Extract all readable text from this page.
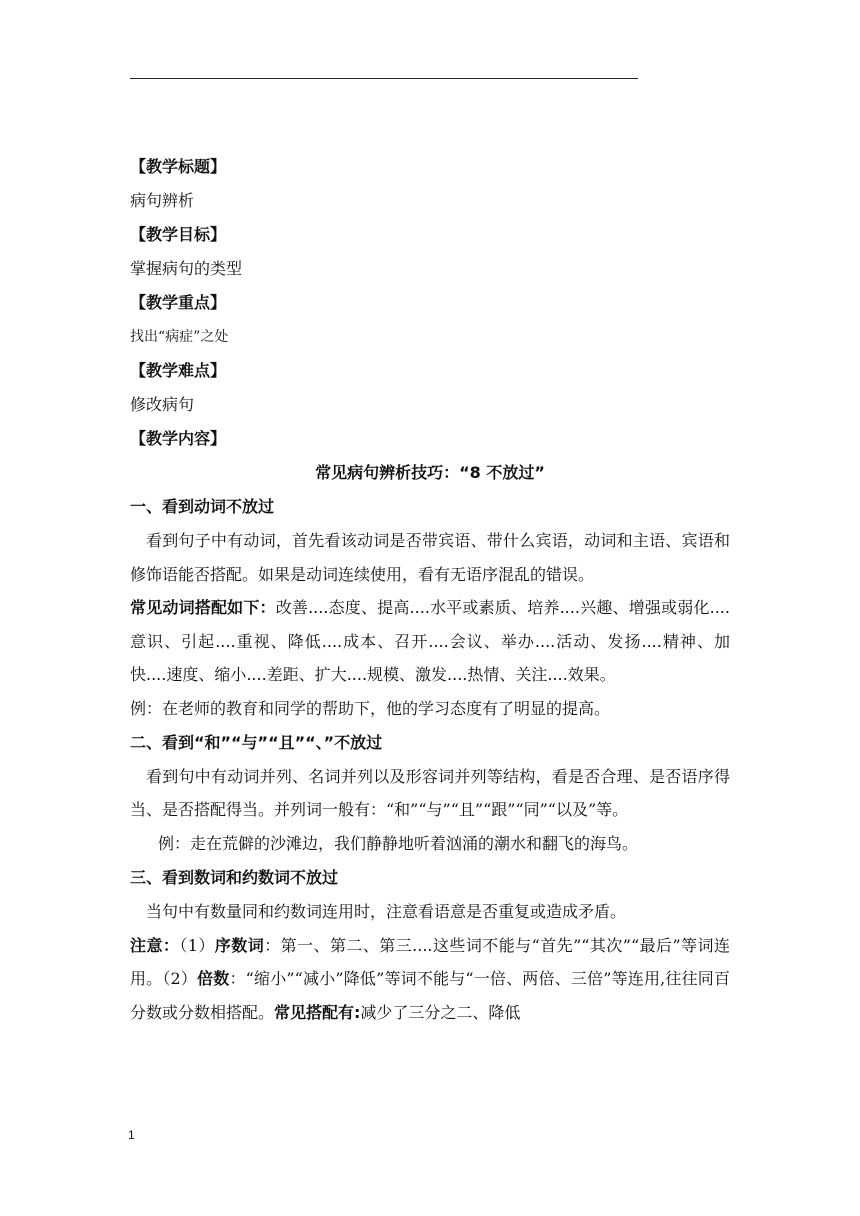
【教学标题】
病句辨析
【教学目标】
掌握病句的类型
【教学重点】
找出“病症”之处
【教学难点】
修改病句
【教学内容】
常见病句辨析技巧：“8 不放过”
一、看到动词不放过

看到句子中有动词，首先看该动词是否带宾语、带什么宾语，动词和主语、宾语和修饰语能否搭配。如果是动词连续使用，看有无语序混乱的错误。

常见动词搭配如下：改善....态度、提高....水平或素质、培养....兴趣、增强或弱化....意识、引起....重视、降低....成本、召开....会议、举办....活动、发扬....精神、加快....速度、缩小....差距、扩大....规模、激发....热情、关注....效果。

例：在老师的教育和同学的帮助下，他的学习态度有了明显的提高。
二、看到“和”“与”“且”“、”不放过

看到句中有动词并列、名词并列以及形容词并列等结构，看是否合理、是否语序得当、是否搭配得当。并列词一般有：“和”“与”“且”“跟”“同”“以及”等。

例：走在荒僻的沙滩边，我们静静地听着汹涌的潮水和翻飞的海鸟。
三、看到数词和约数词不放过
当句中有数量同和约数词连用时，注意看语意是否重复或造成矛盾。

注意：（1）序数词：第一、第二、第三....这些词不能与“首先”“其次”“最后”等词连用。（2）倍数：“缩小”“减小”降低”等词不能与“一倍、两倍、三倍”等连用,往往同百分数或分数相搭配。常见搭配有:减少了三分之二、降低

1
